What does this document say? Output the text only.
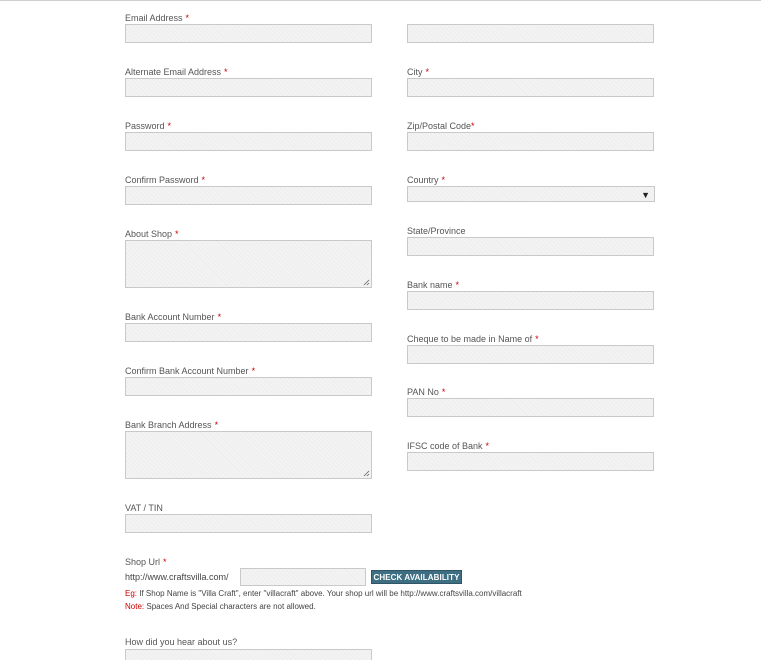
Email Address *
Alternate Email Address *
Password *
Confirm Password *
About Shop *
Bank Account Number *
Confirm Bank Account Number *
Bank Branch Address *
VAT / TIN
City *
Zip/Postal Code*
Country *
▼
State/Province
Bank name *
Cheque to be made in Name of *
PAN No *
IFSC code of Bank *
Shop Url *
http://www.craftsvilla.com/	CHECK AVAILABILITY
Eg: If Shop Name is "Villa Craft", enter "villacraft" above. Your shop url will be http://www.craftsvilla.com/villacraft
Note: Spaces And Special characters are not allowed.
How did you hear about us?
